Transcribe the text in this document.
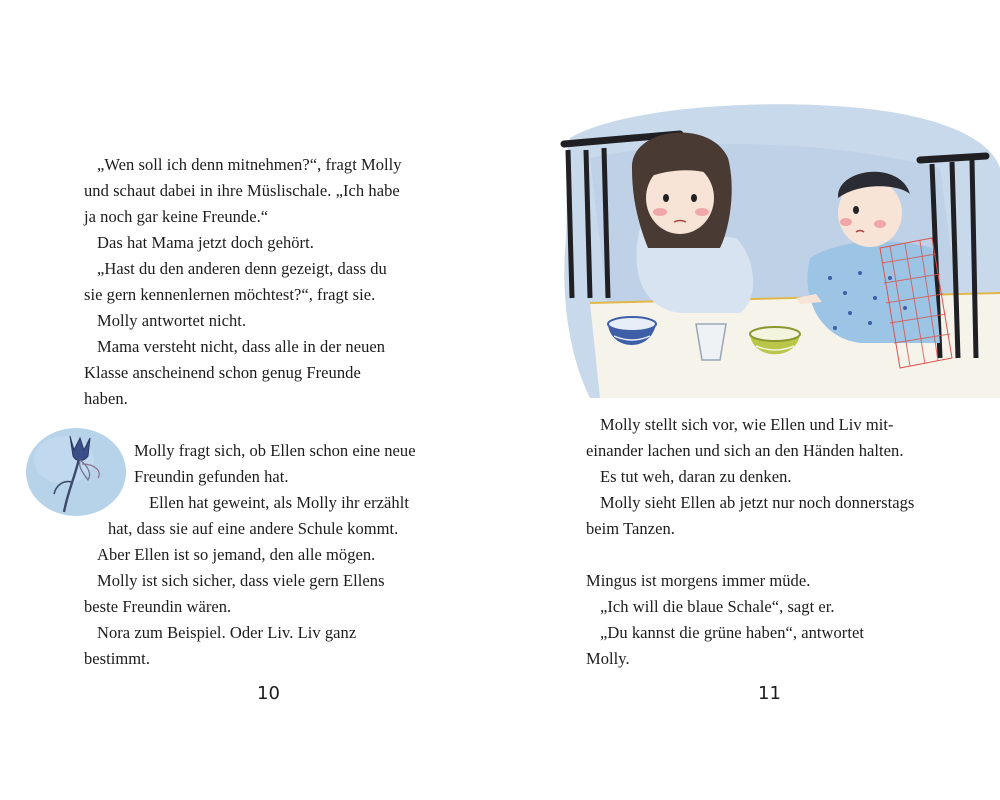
„Wen soll ich denn mitnehmen?“, fragt Molly
und schaut dabei in ihre Müslischale. „Ich habe
ja noch gar keine Freunde.“
Das hat Mama jetzt doch gehört.
„Hast du den anderen denn gezeigt, dass du
sie gern kennenlernen möchtest?“, fragt sie.
Molly antwortet nicht.
Mama versteht nicht, dass alle in der neuen
Klasse anscheinend schon genug Freunde
haben.
Molly fragt sich, ob Ellen schon eine neue
Freundin gefunden hat.
Ellen hat geweint, als Molly ihr erzählt
hat, dass sie auf eine andere Schule kommt.
Aber Ellen ist so jemand, den alle mögen.
Molly ist sich sicher, dass viele gern Ellens
beste Freundin wären.
Nora zum Beispiel. Oder Liv. Liv ganz
bestimmt.
10
Molly stellt sich vor, wie Ellen und Liv mit-
einander lachen und sich an den Händen halten.
Es tut weh, daran zu denken.
Molly sieht Ellen ab jetzt nur noch donnerstags
beim Tanzen.
Mingus ist morgens immer müde.
„Ich will die blaue Schale“, sagt er.
„Du kannst die grüne haben“, antwortet
Molly.
11
